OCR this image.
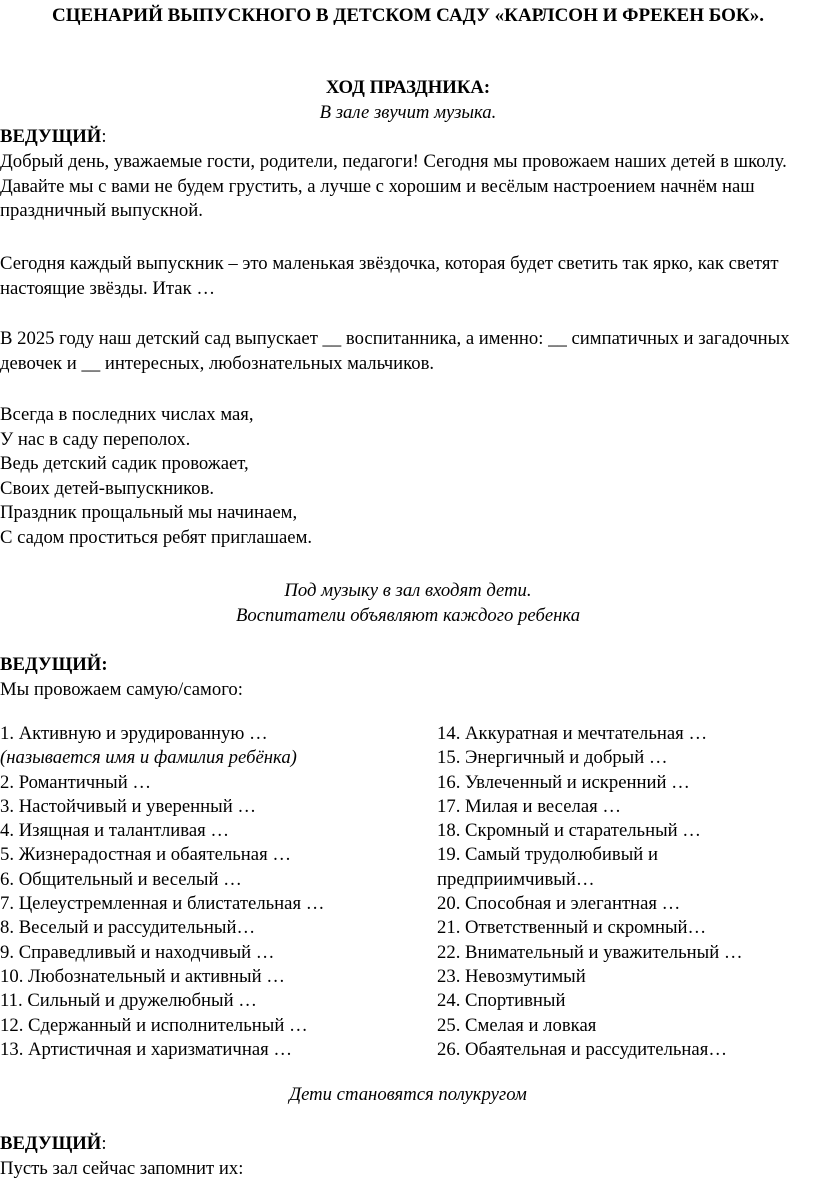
СЦЕНАРИЙ ВЫПУСКНОГО В ДЕТСКОМ САДУ «КАРЛСОН И ФРЕКЕН БОК».

ХОД ПРАЗДНИКА:

В зале звучит музыка.

ВЕДУЩИЙ:

Добрый день, уважаемые гости, родители, педагоги! Сегодня мы провожаем наших детей в школу. Давайте мы с вами не будем грустить, а лучше с хорошим и весёлым настроением начнём наш праздничный выпускной.

Сегодня каждый выпускник – это маленькая звёздочка, которая будет светить так ярко, как светят настоящие звёзды. Итак …

В 2025 году наш детский сад выпускает __ воспитанника, а именно: __ симпатичных и загадочных девочек и __ интересных, любознательных мальчиков.

Всегда в последних числах мая,

У нас в саду переполох.

Ведь детский садик провожает,

Своих детей-выпускников.

Праздник прощальный мы начинаем,

С садом проститься ребят приглашаем.

Под музыку в зал входят дети.

Воспитатели объявляют каждого ребенка

ВЕДУЩИЙ:

Мы провожаем самую/самого:

1. Активную и эрудированную …

(называется имя и фамилия ребёнка)

2. Романтичный …

3. Настойчивый и уверенный …

4. Изящная и талантливая …

5. Жизнерадостная и обаятельная …

6. Общительный и веселый …

7. Целеустремленная и блистательная …

8. Веселый и рассудительный…

9. Справедливый и находчивый …

10. Любознательный и активный …

11. Сильный и дружелюбный …

12. Сдержанный и исполнительный …

13. Артистичная и харизматичная …

14. Аккуратная и мечтательная …

15. Энергичный и добрый …

16. Увлеченный и искренний …

17. Милая и веселая …

18. Скромный и старательный …

19. Самый трудолюбивый и

предприимчивый…

20. Способная и элегантная …

21. Ответственный и скромный…

22. Внимательный и уважительный …

23. Невозмутимый

24. Спортивный

25. Смелая и ловкая

26. Обаятельная и рассудительная…

Дети становятся полукругом

ВЕДУЩИЙ:

Пусть зал сейчас запомнит их:
